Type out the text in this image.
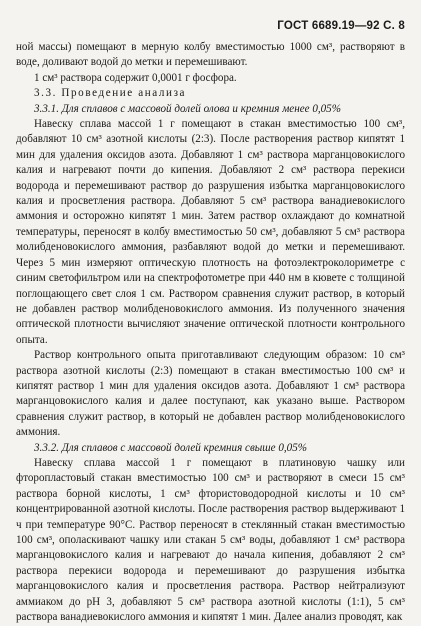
ГОСТ 6689.19—92 С. 8

ной массы) помещают в мерную колбу вместимостью 1000 см³, растворяют в воде, доливают водой до метки и перемешивают.

1 см³ раствора содержит 0,0001 г фосфора.

3.3. Проведение анализа

3.3.1. Для сплавов с массовой долей олова и кремния менее 0,05%

Навеску сплава массой 1 г помещают в стакан вместимостью 100 см³, добавляют 10 см³ азотной кислоты (2:3). После растворения раствор кипятят 1 мин для удаления оксидов азота. Добавляют 1 см³ раствора марганцовокислого калия и нагревают почти до кипения. Добавляют 2 см³ раствора перекиси водорода и перемешивают раствор до разрушения избытка марганцовокислого калия и просветления раствора. Добавляют 5 см³ раствора ванадиевокислого аммония и осторожно кипятят 1 мин. Затем раствор охлаждают до комнатной температуры, переносят в колбу вместимостью 50 см³, добавляют 5 см³ раствора молибденовокислого аммония, разбавляют водой до метки и перемешивают. Через 5 мин измеряют оптическую плотность на фотоэлектроколориметре с синим светофильтром или на спектрофотометре при 440 нм в кювете с толщиной поглощающего свет слоя 1 см. Раствором сравнения служит раствор, в который не добавлен раствор молибденовокислого аммония. Из полученного значения оптической плотности вычисляют значение оптической плотности контрольного опыта.

Раствор контрольного опыта приготавливают следующим образом: 10 см³ раствора азотной кислоты (2:3) помещают в стакан вместимостью 100 см³ и кипятят раствор 1 мин для удаления оксидов азота. Добавляют 1 см³ раствора марганцовокислого калия и далее поступают, как указано выше. Раствором сравнения служит раствор, в который не добавлен раствор молибденовокислого аммония.

3.3.2. Для сплавов с массовой долей кремния свыше 0,05%

Навеску сплава массой 1 г помещают в платиновую чашку или фторопластовый стакан вместимостью 100 см³ и растворяют в смеси 15 см³ раствора борной кислоты, 1 см³ фтористоводородной кислоты и 10 см³ концентрированной азотной кислоты. После растворения раствор выдерживают 1 ч при температуре 90°С. Раствор переносят в стеклянный стакан вместимостью 100 см³, ополаскивают чашку или стакан 5 см³ воды, добавляют 1 см³ раствора марганцовокислого калия и нагревают до начала кипения, добавляют 2 см³ раствора перекиси водорода и перемешивают до разрушения избытка марганцовокислого калия и просветления раствора. Раствор нейтрализуют аммиаком до pH 3, добавляют 5 см³ раствора азотной кислоты (1:1), 5 см³ раствора ванадиевокислого аммония и кипятят 1 мин. Далее анализ проводят, как
